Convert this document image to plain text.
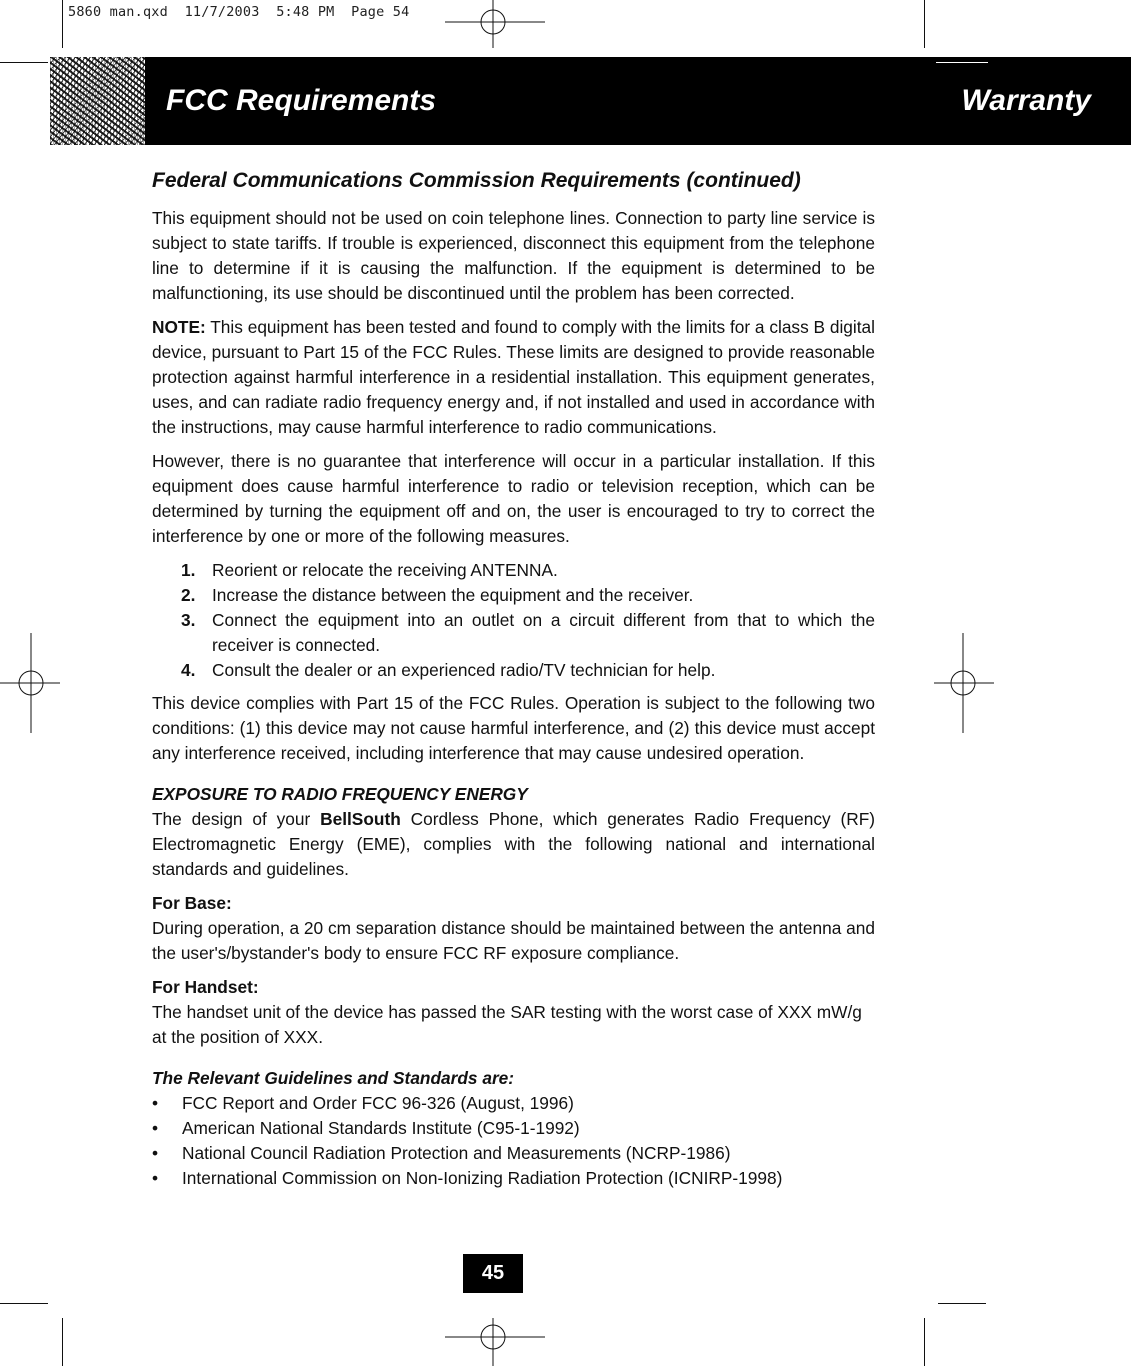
5860 man.qxd  11/7/2003  5:48 PM  Page 54
FCC Requirements	Warranty
Federal Communications Commission Requirements (continued)

This equipment should not be used on coin telephone lines. Connection to party line service is subject to state tariffs. If trouble is experienced, disconnect this equipment from the telephone line to determine if it is causing the malfunction. If the equipment is determined to be malfunctioning, its use should be discontinued until the problem has been corrected.

NOTE: This equipment has been tested and found to comply with the limits for a class B digital device, pursuant to Part 15 of the FCC Rules. These limits are designed to provide reasonable protection against harmful interference in a residential installation. This equipment generates, uses, and can radiate radio frequency energy and, if not installed and used in accordance with the instructions, may cause harmful interference to radio communications.

However, there is no guarantee that interference will occur in a particular installation. If this equipment does cause harmful interference to radio or television reception, which can be determined by turning the equipment off and on, the user is encouraged to try to correct the interference by one or more of the following measures.

1. Reorient or relocate the receiving ANTENNA.
2. Increase the distance between the equipment and the receiver.
3. Connect the equipment into an outlet on a circuit different from that to which the receiver is connected.
4. Consult the dealer or an experienced radio/TV technician for help.

This device complies with Part 15 of the FCC Rules. Operation is subject to the following two conditions: (1) this device may not cause harmful interference, and (2) this device must accept any interference received, including interference that may cause undesired operation.

EXPOSURE TO RADIO FREQUENCY ENERGY

The design of your BellSouth Cordless Phone, which generates Radio Frequency (RF) Electromagnetic Energy (EME), complies with the following national and international standards and guidelines.

For Base:

During operation, a 20 cm separation distance should be maintained between the antenna and the user's/bystander's body to ensure FCC RF exposure compliance.

For Handset:
The handset unit of the device has passed the SAR testing with the worst case of XXX mW/g
at the position of XXX.
The Relevant Guidelines and Standards are:
• FCC Report and Order FCC 96-326 (August, 1996)
• American National Standards Institute (C95-1-1992)
• National Council Radiation Protection and Measurements (NCRP-1986)
• International Commission on Non-Ionizing Radiation Protection (ICNIRP-1998)
45
